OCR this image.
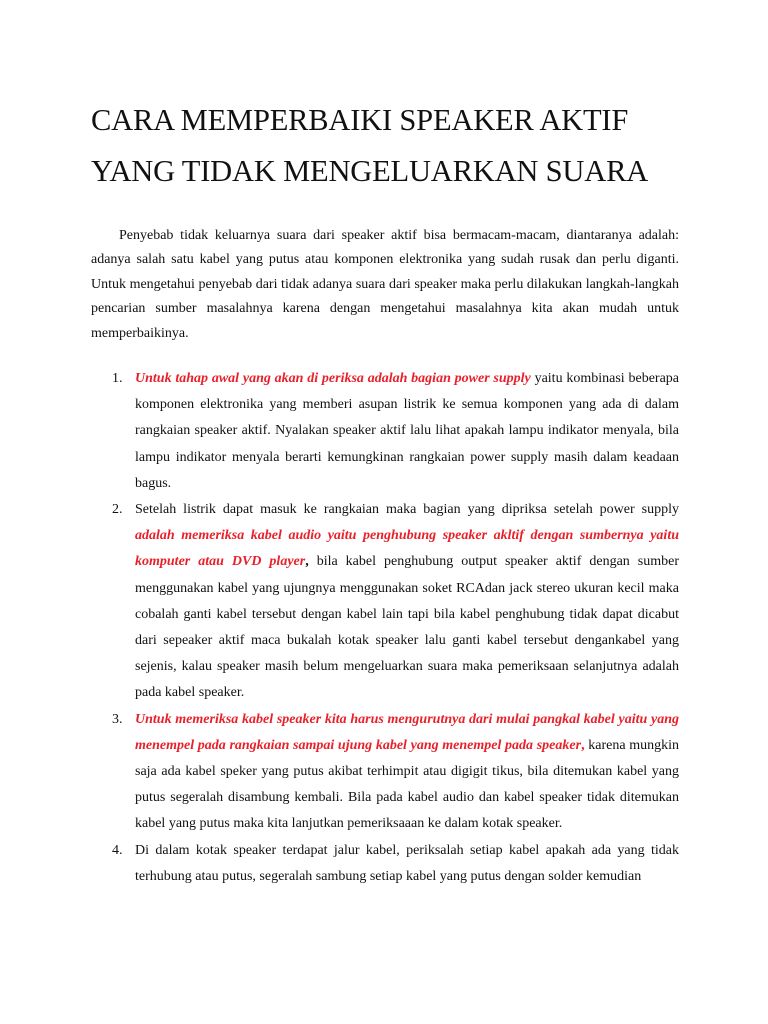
CARA MEMPERBAIKI SPEAKER AKTIF
YANG TIDAK MENGELUARKAN SUARA

Penyebab tidak keluarnya suara dari speaker aktif bisa bermacam-macam, diantaranya adalah: adanya salah satu kabel yang putus atau komponen elektronika yang sudah rusak dan perlu diganti. Untuk mengetahui penyebab dari tidak adanya suara dari speaker maka perlu dilakukan langkah-langkah pencarian sumber masalahnya karena dengan mengetahui masalahnya kita akan mudah untuk memperbaikinya.

1. Untuk tahap awal yang akan di periksa adalah bagian power supply yaitu kombinasi beberapa komponen elektronika yang memberi asupan listrik ke semua komponen yang ada di dalam rangkaian speaker aktif. Nyalakan speaker aktif lalu lihat apakah lampu indikator menyala, bila lampu indikator menyala berarti kemungkinan rangkaian power supply masih dalam keadaan bagus.
2. Setelah listrik dapat masuk ke rangkaian maka bagian yang dipriksa setelah power supply adalah memeriksa kabel audio yaitu penghubung speaker akltif dengan sumbernya yaitu komputer atau DVD player, bila kabel penghubung output speaker aktif dengan sumber menggunakan kabel yang ujungnya menggunakan soket RCAdan jack stereo ukuran kecil maka cobalah ganti kabel tersebut dengan kabel lain tapi bila kabel penghubung tidak dapat dicabut dari sepeaker aktif maca bukalah kotak speaker lalu ganti kabel tersebut dengankabel yang sejenis, kalau speaker masih belum mengeluarkan suara maka pemeriksaan selanjutnya adalah pada kabel speaker.
3. Untuk memeriksa kabel speaker kita harus mengurutnya dari mulai pangkal kabel yaitu yang menempel pada rangkaian sampai ujung kabel yang menempel pada speaker, karena mungkin saja ada kabel speker yang putus akibat terhimpit atau digigit tikus, bila ditemukan kabel yang putus segeralah disambung kembali. Bila pada kabel audio dan kabel speaker tidak ditemukan kabel yang putus maka kita lanjutkan pemeriksaaan ke dalam kotak speaker.
4. Di dalam kotak speaker terdapat jalur kabel, periksalah setiap kabel apakah ada yang tidak terhubung atau putus, segeralah sambung setiap kabel yang putus dengan solder kemudian
